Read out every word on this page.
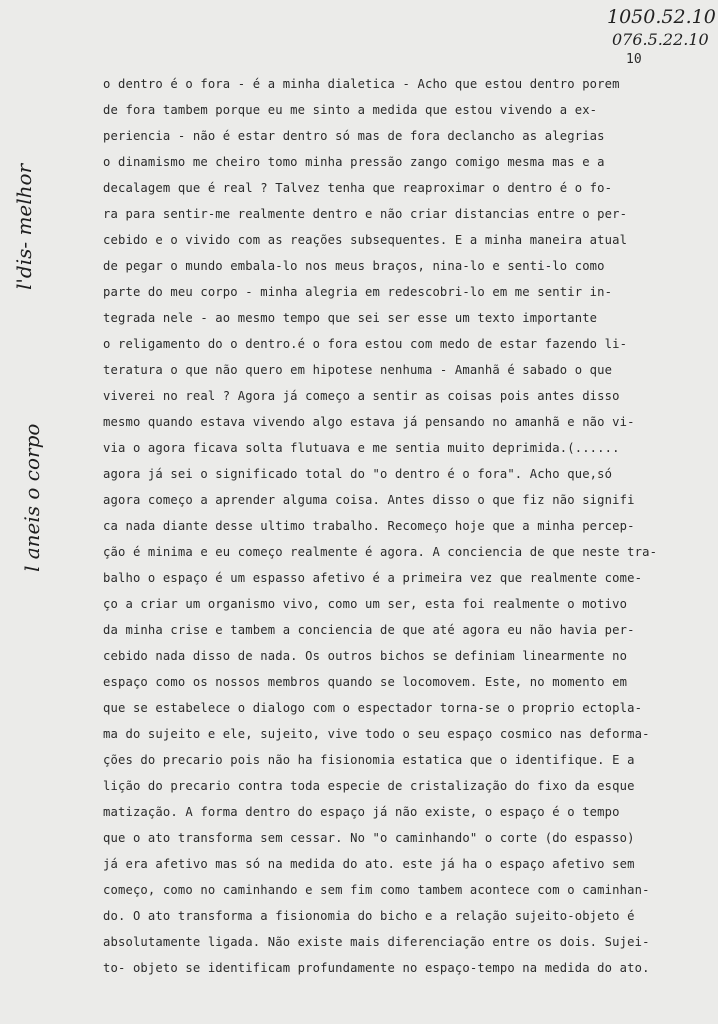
1050.52.10
076.5.22.10
10
l'dis- melhor
l aneis o corpo
o dentro é o fora - é a minha dialetica - Acho que estou dentro porem
de fora tambem porque eu me sinto a medida que estou vivendo a ex-
periencia - não é estar dentro só mas de fora declancho as alegrias
o dinamismo me cheiro tomo minha pressão zango comigo mesma mas e a
decalagem que é real ? Talvez tenha que reaproximar o dentro é o fo-
ra para sentir-me realmente dentro e não criar distancias entre o per-
cebido e o vivido com as reações subsequentes. E a minha maneira atual
de pegar o mundo embala-lo nos meus braços, nina-lo e senti-lo como
parte do meu corpo - minha alegria em redescobri-lo em me sentir in-
tegrada nele - ao mesmo tempo que sei ser esse um texto importante
o religamento do o dentro.é o fora estou com medo de estar fazendo li-
teratura o que não quero em hipotese nenhuma - Amanhã é sabado o que
viverei no real ? Agora já começo a sentir as coisas pois antes disso
mesmo quando estava vivendo algo estava já pensando no amanhã e não vi-
via o agora ficava solta flutuava e me sentia muito deprimida.(......
agora já sei o significado total do "o dentro é o fora". Acho que,só
agora começo a aprender alguma coisa. Antes disso o que fiz não signifi
ca nada diante desse ultimo trabalho. Recomeço hoje que a minha percep-
ção é minima e eu começo realmente é agora. A conciencia de que neste tra-
balho o espaço é um espasso afetivo é a primeira vez que realmente come-
ço a criar um organismo vivo, como um ser, esta foi realmente o motivo
da minha crise e tambem a conciencia de que até agora eu não havia per-
cebido nada disso de nada. Os outros bichos se definiam linearmente no
espaço como os nossos membros quando se locomovem. Este, no momento em
que se estabelece o dialogo com o espectador torna-se o proprio ectopla-
ma do sujeito e ele, sujeito, vive todo o seu espaço cosmico nas deforma-
ções do precario pois não ha fisionomia estatica que o identifique. E a
lição do precario contra toda especie de cristalização do fixo da esque
matização. A forma dentro do espaço já não existe, o espaço é o tempo
que o ato transforma sem cessar. No "o caminhando" o corte (do espasso)
já era afetivo mas só na medida do ato. este já ha o espaço afetivo sem
começo, como no caminhando e sem fim como tambem acontece com o caminhan-
do. O ato transforma a fisionomia do bicho e a relação sujeito-objeto é
absolutamente ligada. Não existe mais diferenciação entre os dois. Sujei-
to- objeto se identificam profundamente no espaço-tempo na medida do ato.
